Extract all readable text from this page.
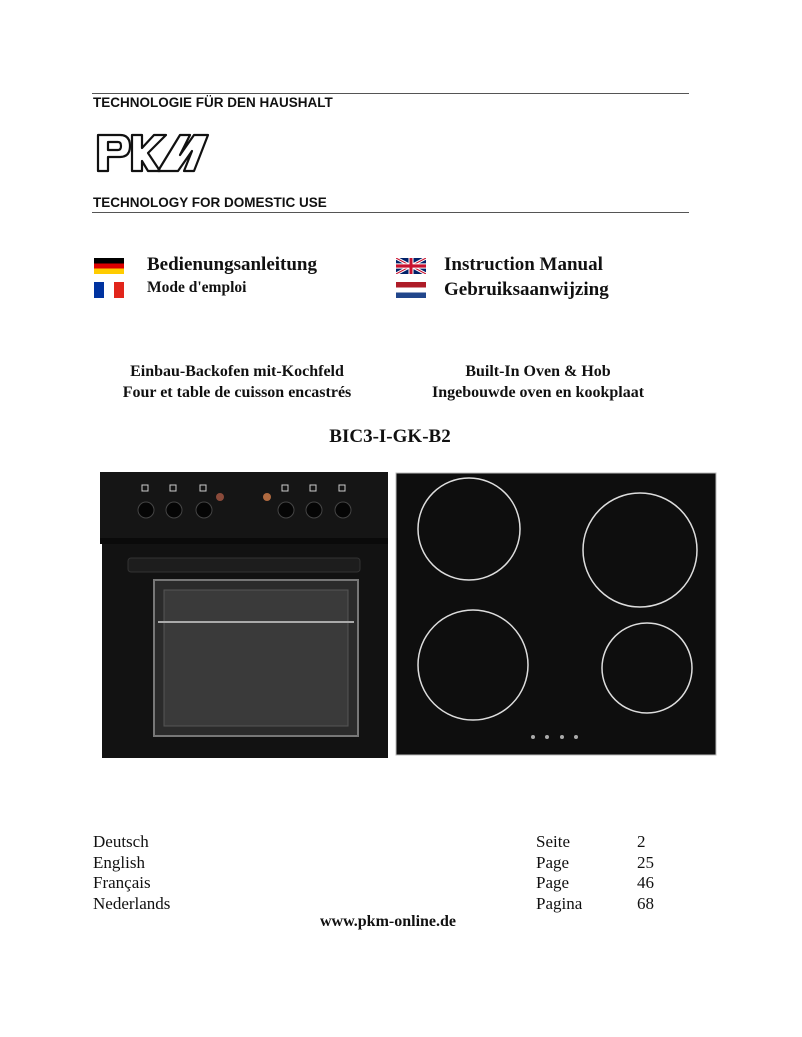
TECHNOLOGIE FÜR DEN HAUSHALT
TECHNOLOGY FOR DOMESTIC USE
Bedienungsanleitung
Mode d'emploi
Instruction Manual
Gebruiksaanwijzing
Einbau-Backofen mit-Kochfeld
Four et table de cuisson encastrés
Built-In Oven & Hob
Ingebouwde oven en kookplaat
BIC3-I-GK-B2
Deutsch
English
Français
Nederlands
Seite
Page
Page
Pagina
2
25
46
68
www.pkm-online.de
